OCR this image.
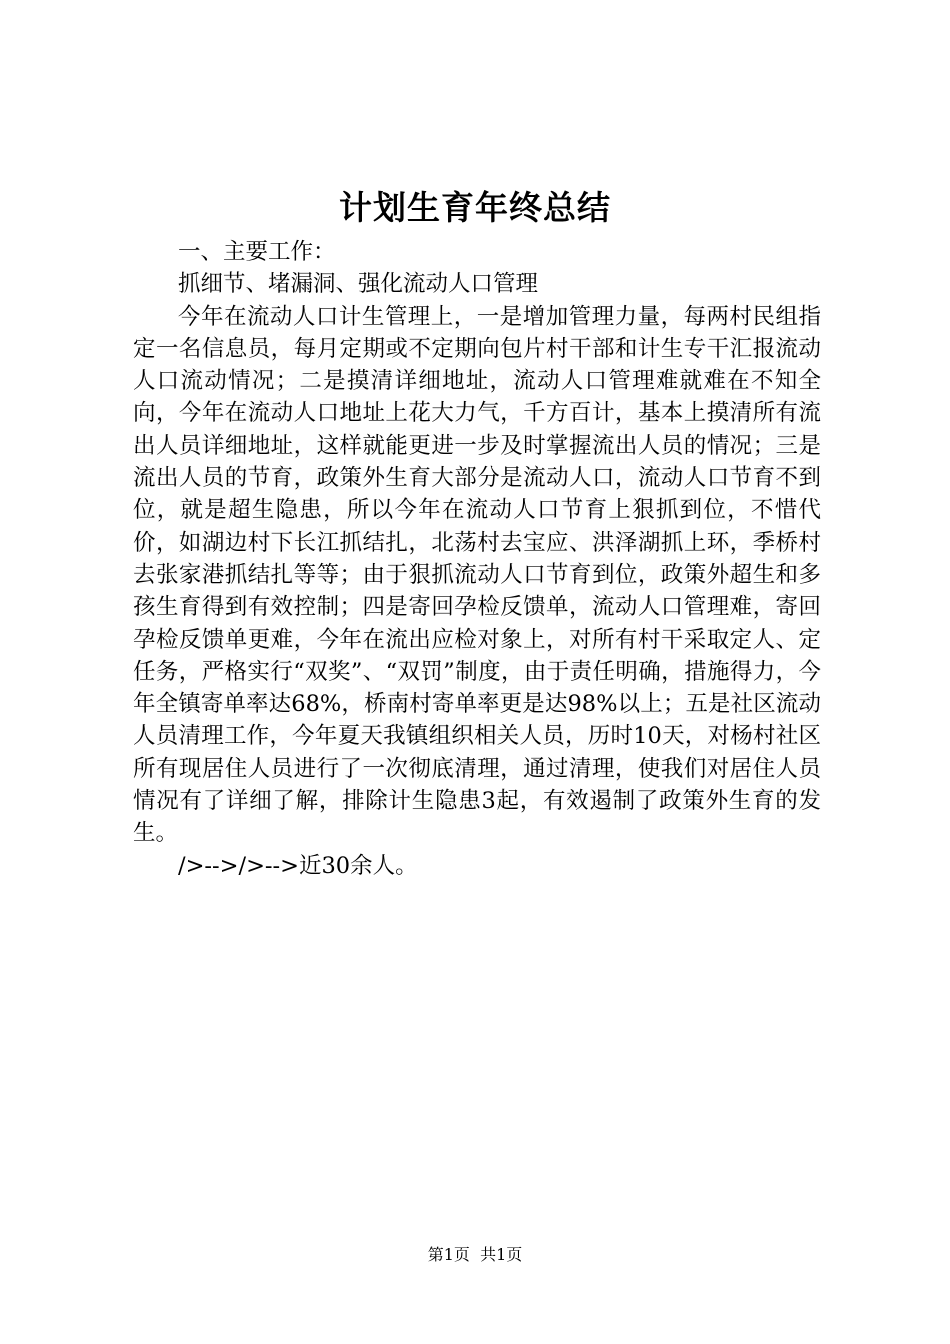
计划生育年终总结

一、主要工作：

抓细节、堵漏洞、强化流动人口管理

今年在流动人口计生管理上，一是增加管理力量，每两村民组指定一名信息员，每月定期或不定期向包片村干部和计生专干汇报流动人口流动情况；二是摸清详细地址，流动人口管理难就难在不知全向，今年在流动人口地址上花大力气，千方百计，基本上摸清所有流出人员详细地址，这样就能更进一步及时掌握流出人员的情况；三是流出人员的节育，政策外生育大部分是流动人口，流动人口节育不到位，就是超生隐患，所以今年在流动人口节育上狠抓到位，不惜代价，如湖边村下长江抓结扎，北荡村去宝应、洪泽湖抓上环，季桥村去张家港抓结扎等等；由于狠抓流动人口节育到位，政策外超生和多孩生育得到有效控制；四是寄回孕检反馈单，流动人口管理难，寄回孕检反馈单更难，今年在流出应检对象上，对所有村干采取定人、定任务，严格实行“双奖”、“双罚”制度，由于责任明确，措施得力，今年全镇寄单率达68%，桥南村寄单率更是达98%以上；五是社区流动人员清理工作，今年夏天我镇组织相关人员，历时10天，对杨村社区所有现居住人员进行了一次彻底清理，通过清理，使我们对居住人员情况有了详细了解，排除计生隐患3起，有效遏制了政策外生育的发生。

/>-->/>-->近30余人。

第1页  共1页
